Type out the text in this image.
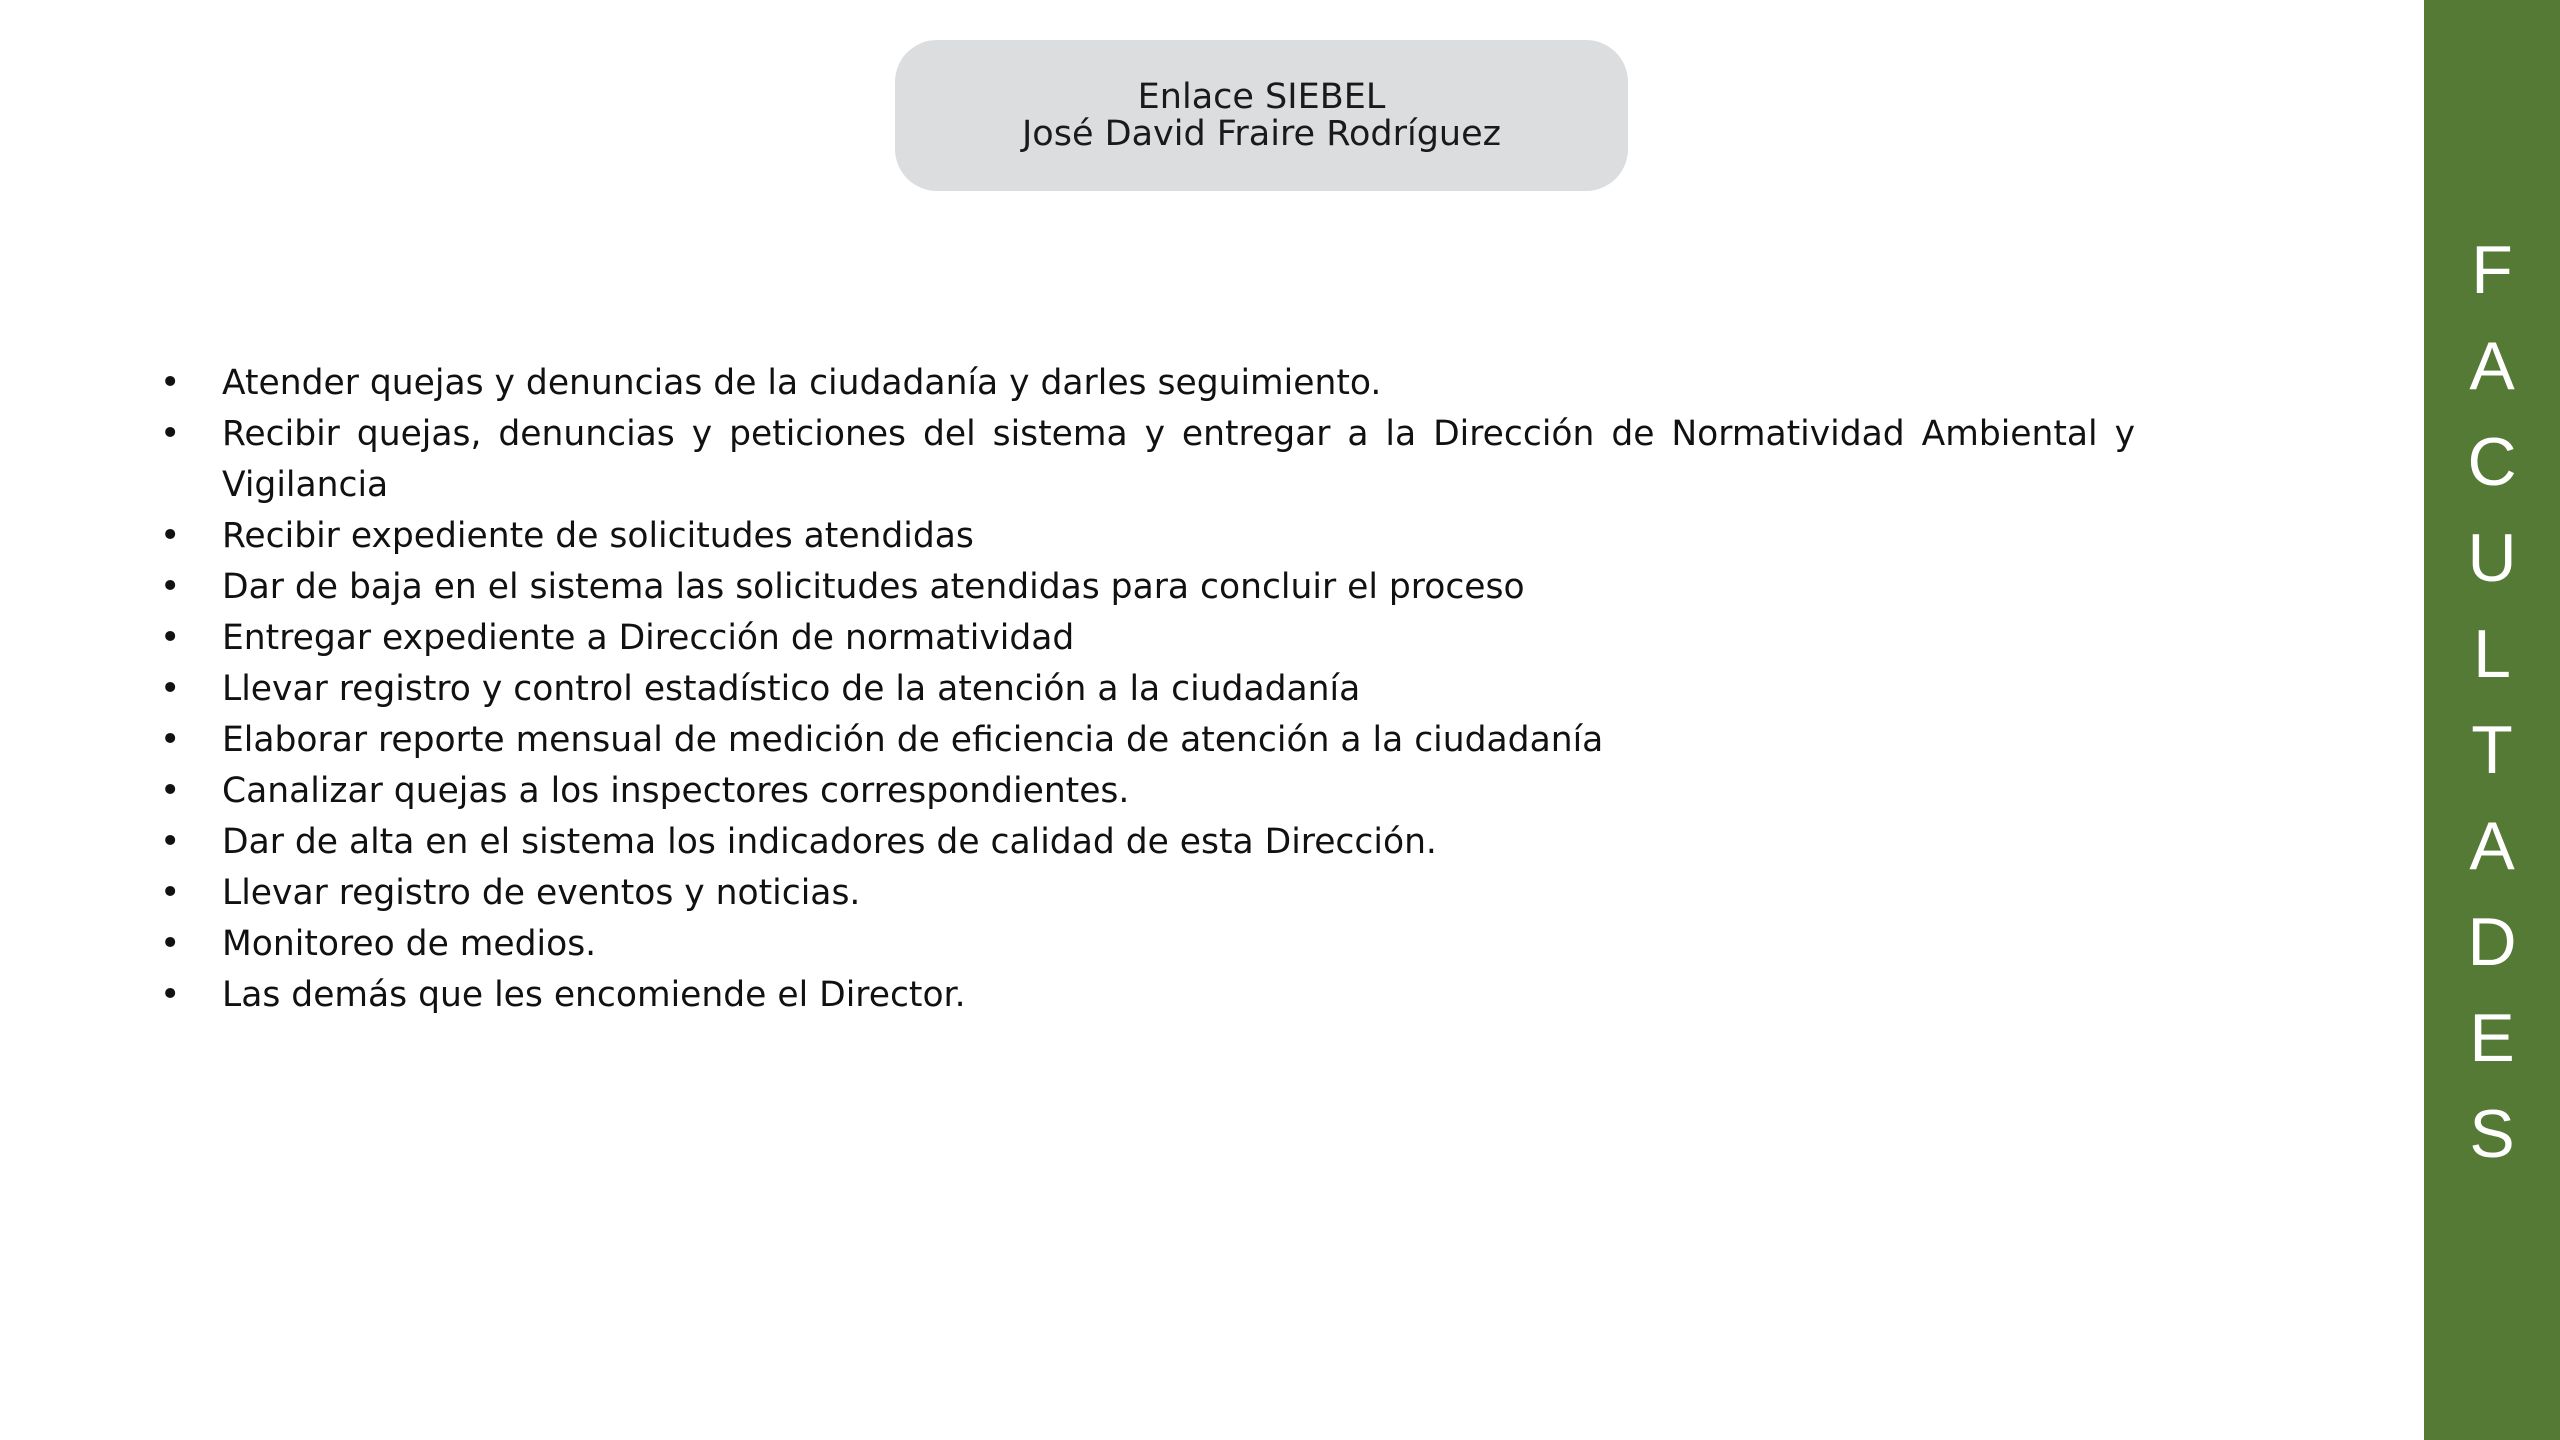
Enlace SIEBEL
José David Fraire Rodríguez
• Atender quejas y denuncias de la ciudadanía y darles seguimiento.
• Recibir quejas, denuncias y peticiones del sistema y entregar a la Dirección de Normatividad Ambiental y Vigilancia
• Recibir expediente de solicitudes atendidas
• Dar de baja en el sistema las solicitudes atendidas para concluir el proceso
• Entregar expediente a Dirección de normatividad
• Llevar registro y control estadístico de la atención a la ciudadanía
• Elaborar reporte mensual de medición de eficiencia de atención a la ciudadanía
• Canalizar quejas a los inspectores correspondientes.
• Dar de alta en el sistema los indicadores de calidad de esta Dirección.
• Llevar registro de eventos y noticias.
• Monitoreo de medios.
• Las demás que les encomiende el Director.
F
A
C
U
L
T
A
D
E
S
